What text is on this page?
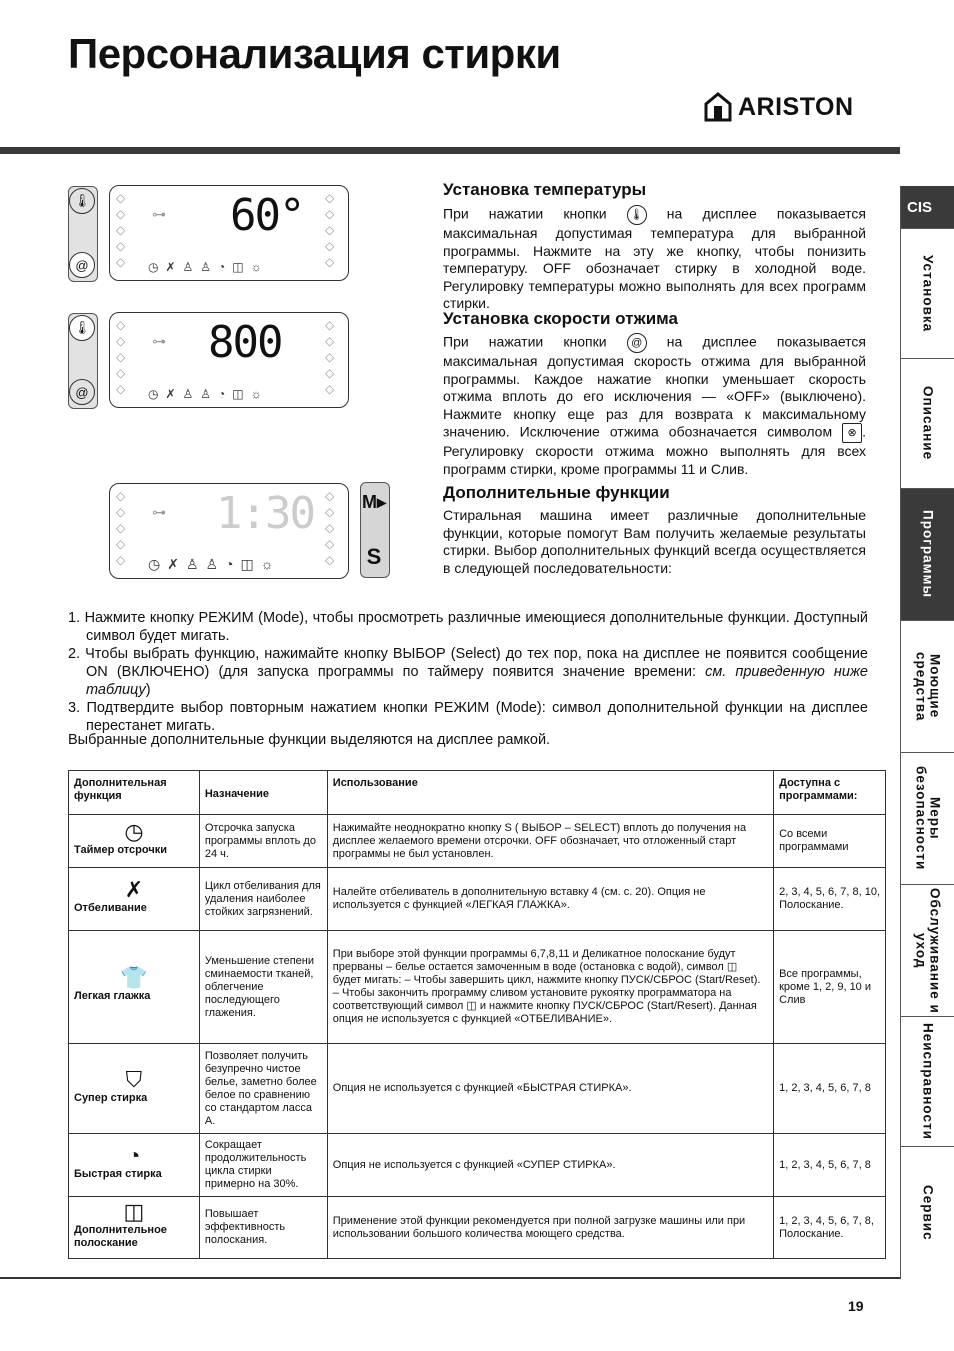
Персонализация стирки
ARISTON
CIS
Установка
Описание
Программы
Моющие средства
Меры безопасности
Обслуживание и уход
Неисправности
Сервис
🌡
@
◇
◇
◇
◇
◇
⊶ 60° ◇
◇
◇
◇
◇
◷✗♙♙◔◫☼
🌡
@
◇
◇
◇
◇
◇
⊶ 800	◇
◇
◇
◇
◇
◷✗♙♙◔◫☼
◇
◇
◇
◇
◇
⊶ 1:30 ◇
◇
◇
◇
◇
◷✗♙♙◔◫☼
M▸
S
Установка температуры

При нажатии кнопки 🌡 на дисплее показывается максимальная допустимая температура для выбранной программы. Нажмите на эту же кнопку, чтобы понизить температуру. OFF обозначает стирку в холодной воде. Регулировку температуры можно выполнять для всех программ стирки.

Установка скорости отжима

При нажатии кнопки @ на дисплее показывается максимальная допустимая скорость отжима для выбранной программы. Каждое нажатие кнопки уменьшает скорость отжима вплоть до его исключения — «OFF» (выключено). Нажмите кнопку еще раз для возврата к максимальному значению. Исключение отжима обозначается символом ⊗ . Регулировку скорости отжима можно выполнять для всех программ стирки, кроме программы 11 и Слив.

Дополнительные функции

Стиральная машина имеет различные дополнительные функции, которые помогут Вам получить желаемые результаты стирки. Выбор дополнительных функций всегда осуществляется в следующей последовательности:

1. Нажмите кнопку РЕЖИМ (Mode), чтобы просмотреть различные имеющиеся дополнительные функции. Доступный символ будет мигать.
2. Чтобы выбрать функцию, нажимайте кнопку ВЫБОР (Select) до тех пор, пока на дисплее не появится сообщение ON (ВКЛЮЧЕНО) (для запуска программы по таймеру появится значение времени: см. приведенную ниже таблицу)
3. Подтвердите выбор повторным нажатием кнопки РЕЖИМ (Mode): символ дополнительной функции на дисплее перестанет мигать.

Выбранные дополнительные функции выделяются на дисплее рамкой.

Дополнительная функция	Назначение	Использование	Доступна с программами:

◷
Таймер отсрочки	Отсрочка запуска программы вплоть до 24 ч.	Нажимайте неоднократно кнопку S ( ВЫБОР – SELECT) вплоть до получения на дисплее желаемого времени отсрочки. OFF обозначает, что отложенный старт программы не был установлен.	Со всеми программами

✗
Отбеливание	Цикл отбеливания для удаления наиболее стойких загрязнений.	Налейте отбеливатель в дополнительную вставку 4 (см. с. 20). Опция не используется с функцией «ЛЕГКАЯ ГЛАЖКА».	2, 3, 4, 5, 6, 7, 8, 10, Полоскание.

👕
Легкая глажка	Уменьшение степени сминаемости тканей, облегчение последующего глажения.	При выборе этой функции программы 6,7,8,11 и Деликатное полоскание будут прерваны – белье остается замоченным в воде (остановка с водой), символ ◫ будет мигать: – Чтобы завершить цикл, нажмите кнопку ПУСК/СБРОС (Start/Reset). – Чтобы закончить программу сливом установите рукоятку программатора на соответствующий символ ◫ и нажмите кнопку ПУСК/СБРОС (Start/Resert). Данная опция не используется с функцией «ОТБЕЛИВАНИЕ».	Все программы, кроме 1, 2, 9, 10 и Слив

⛉
Супер стирка	Позволяет получить безупречно чистое белье, заметно более белое по сравнению со стандартом ласса А.	Опция не используется с функцией «БЫСТРАЯ СТИРКА».	1, 2, 3, 4, 5, 6, 7, 8

◔
Быстрая стирка	Сокращает продолжительность цикла стирки примерно на 30%.	Опция не используется с функцией «СУПЕР СТИРКА».	1, 2, 3, 4, 5, 6, 7, 8

◫
Дополнительное полоскание	Повышает эффективность полоскания.	Применение этой функции рекомендуется при полной загрузке машины или при использовании большого количества моющего средства.	1, 2, 3, 4, 5, 6, 7, 8, Полоскание.
19
